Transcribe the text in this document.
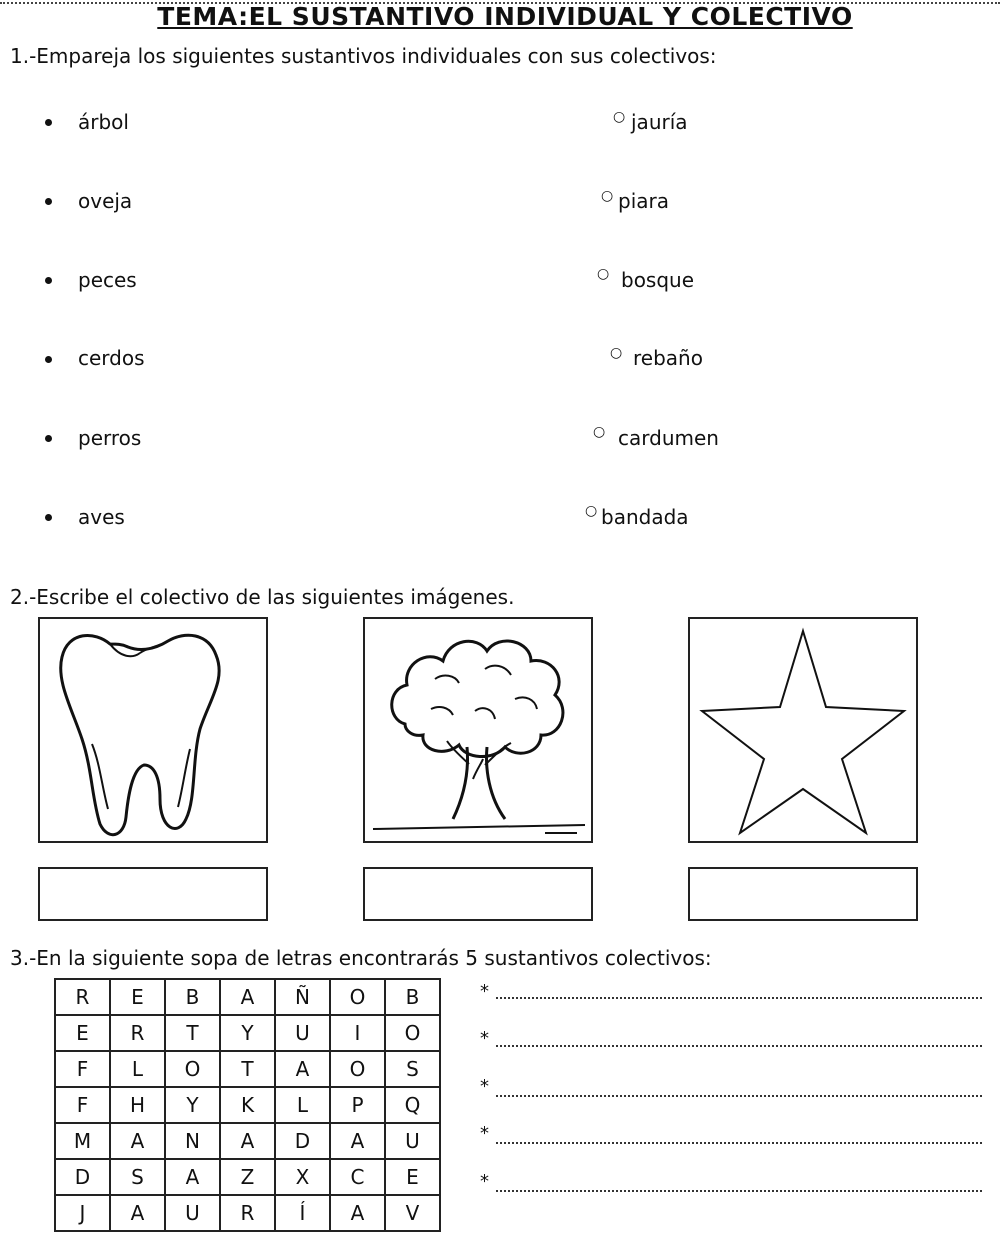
TEMA:EL SUSTANTIVO INDIVIDUAL Y COLECTIVO
1.-Empareja los siguientes sustantivos individuales con sus colectivos:
árbol
oveja
peces
cerdos
perros
aves
○ jauría
○ piara
○ bosque
○ rebaño
○ cardumen
○ bandada
2.-Escribe el colectivo de las siguientes imágenes.
3.-En la siguiente sopa de letras encontrarás 5 sustantivos colectivos:
R	E	B	A	Ñ	O	B
E	R	T	Y	U	I	O
F	L	O	T	A	O	S
F	H	Y	K	L	P	Q
M	A	N	A	D	A	U
D	S	A	Z	X	C	E
J	A	U	R	Í	A	V
*
*
*
*
*
